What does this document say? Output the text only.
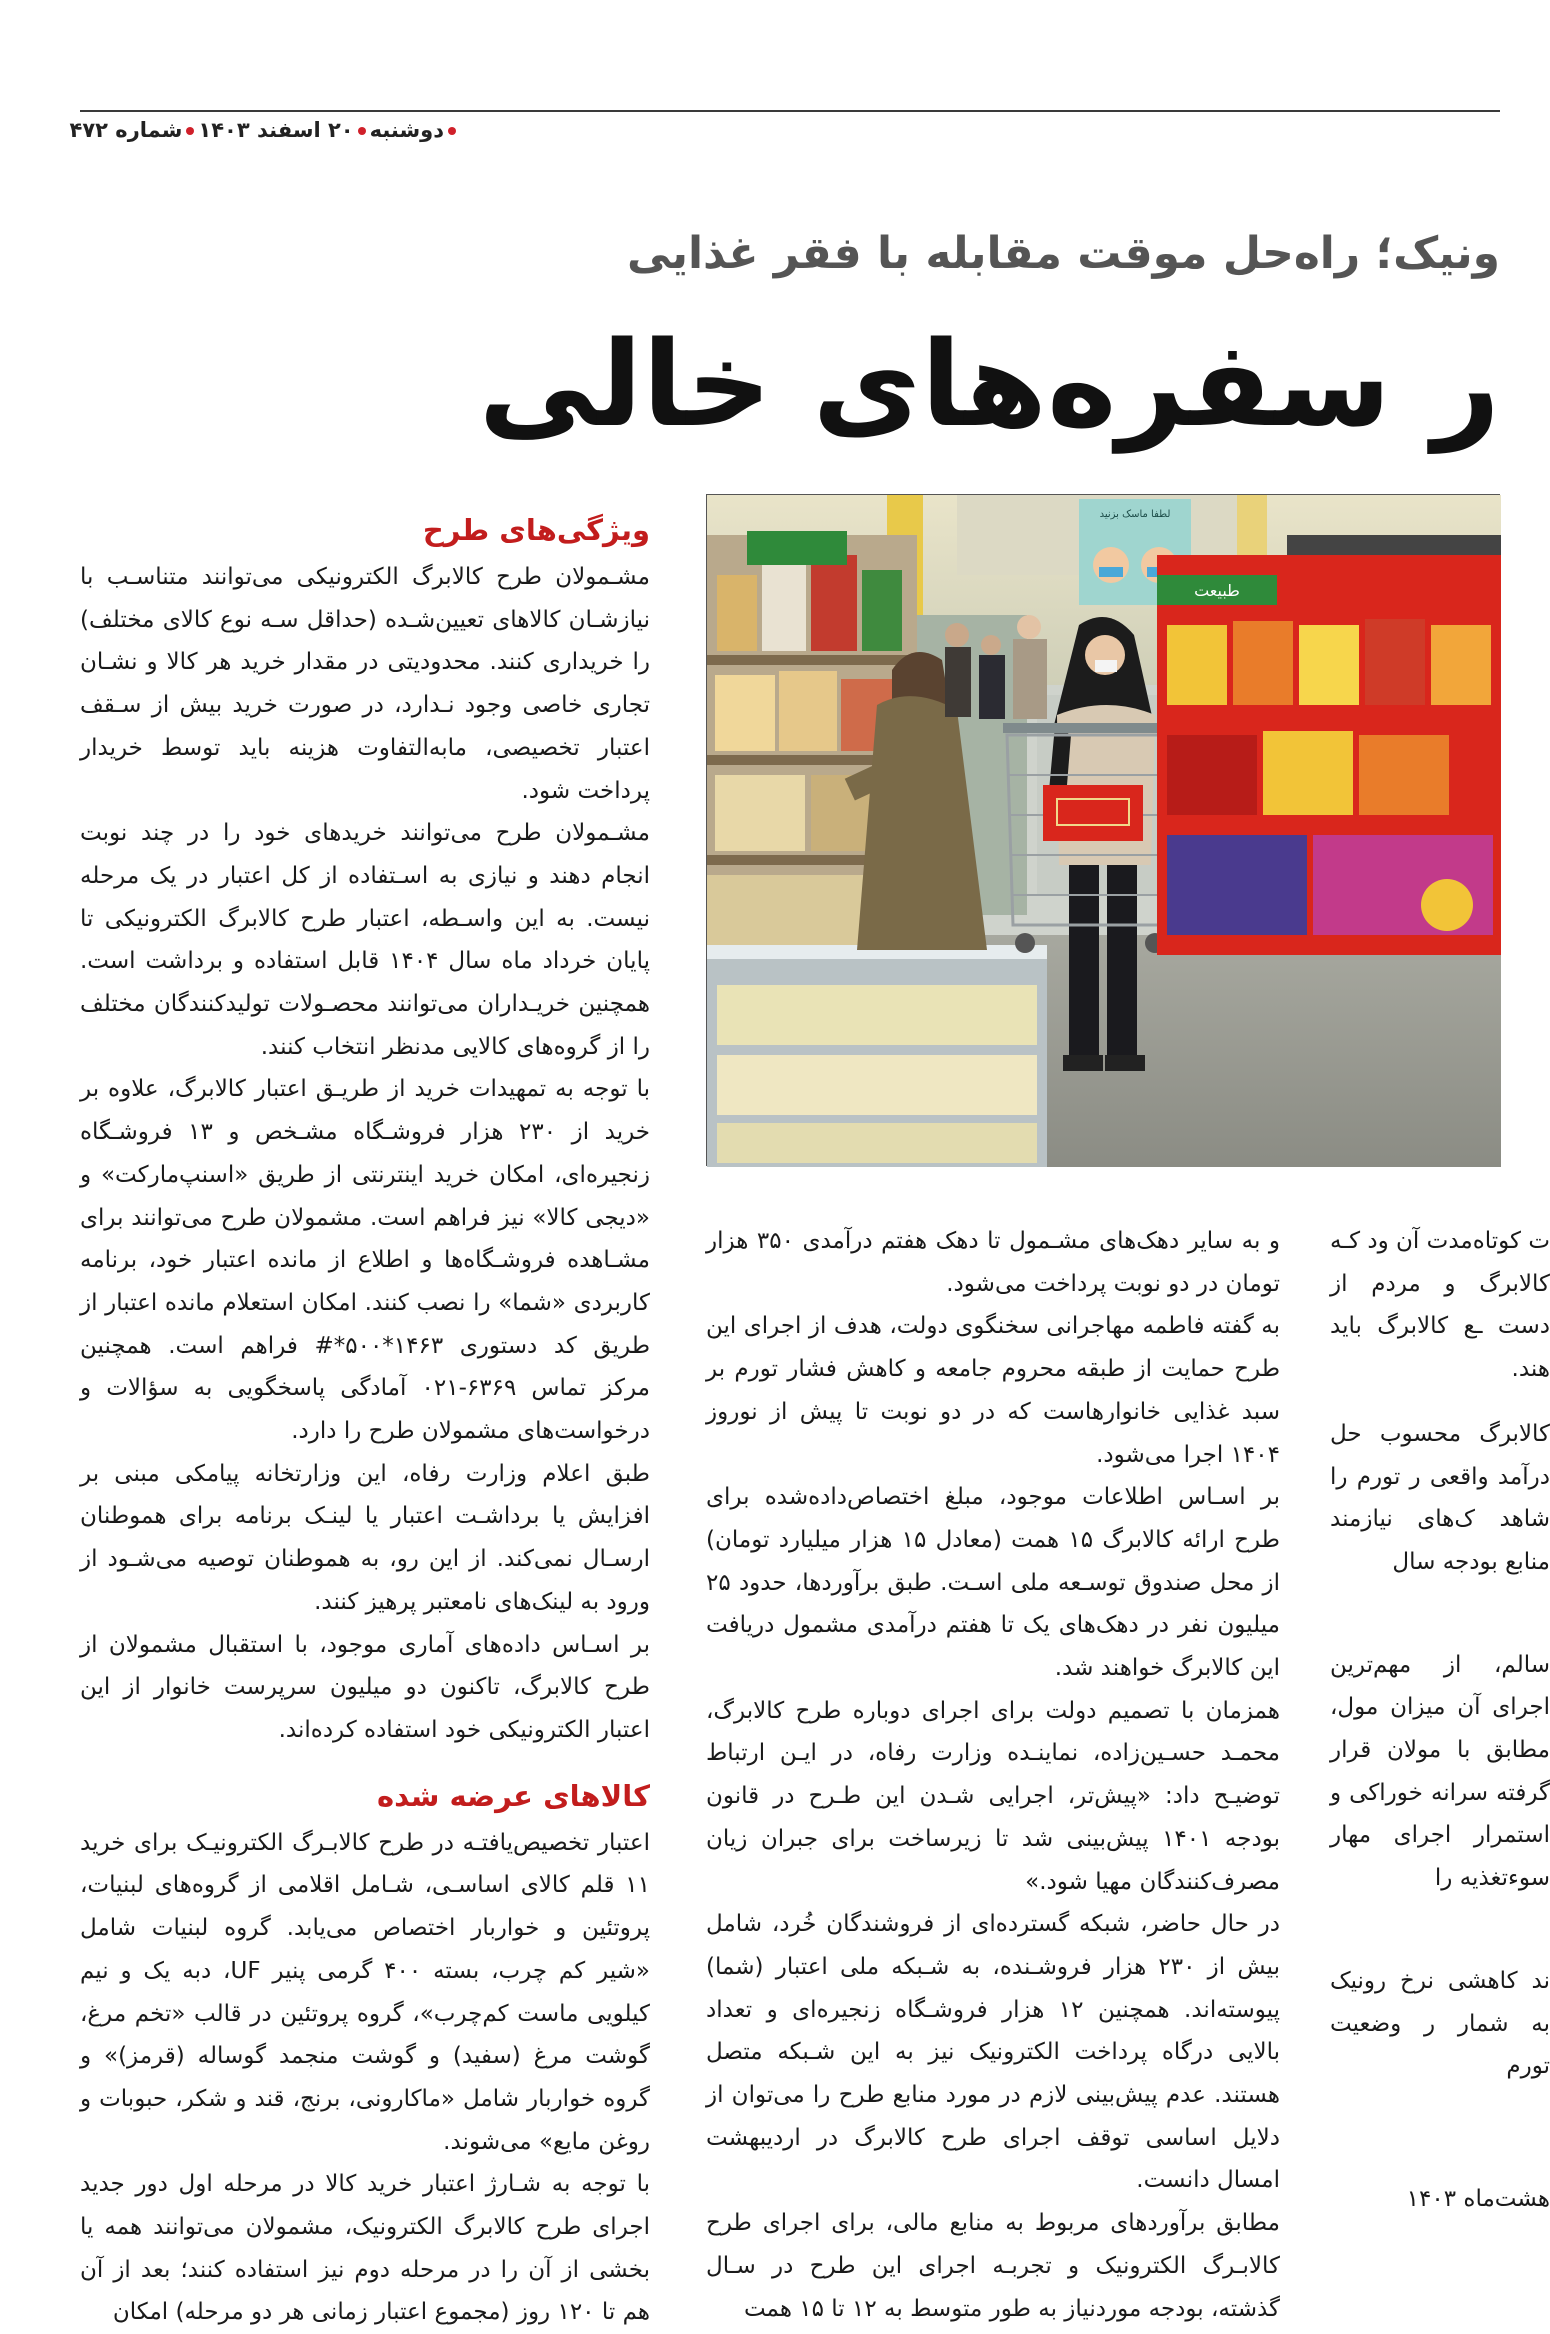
دوشنبه۲۰ اسفند ۱۴۰۳شماره ۴۷۲
ونیک؛ راه‌حل موقت مقابله با فقر غذایی
ر سفره‌های خالی
لطفا ماسک بزنید
طبیعت
ویژگی‌های طرح

مشـمولان طرح کالابرگ الکترونیکی می‌توانند متناسـب با نیازشـان کالاهای تعیین‌شـده (حداقل سـه نوع کالای مختلف) را خریداری کنند. محدودیتی در مقدار خرید هر کالا و نشـان تجاری خاصی وجود نـدارد، در صورت خرید بیش از سـقف اعتبار تخصیصی، مابه‌التفاوت هزینه باید توسط خریدار پرداخت شود.

مشـمولان طرح می‌توانند خریدهای خود را در چند نوبت انجام دهند و نیازی به اسـتفاده از کل اعتبار در یک مرحله نیست. به این واسـطه، اعتبار طرح کالابرگ الکترونیکی تا پایان خرداد ماه سال ۱۴۰۴ قابل استفاده و برداشت است. همچنین خریـداران می‌توانند محصـولات تولیدکنندگان مختلف را از گروه‌های کالایی مدنظر انتخاب کنند.

با توجه به تمهیدات خرید از طریـق اعتبار کالابرگ، علاوه بر خرید از ۲۳۰ هزار فروشـگاه مشـخص و ۱۳ فروشـگاه زنجیره‌ای، امکان خرید اینترنتی از طریق «اسنپ‌مارکت» و «دیجی کالا» نیز فراهم است. مشمولان طرح می‌توانند برای مشـاهده فروشـگاه‌ها و اطلاع از مانده اعتبار خود، برنامه کاربردی «شما» را نصب کنند. امکان استعلام مانده اعتبار از طریق کد دستوری ۱۴۶۳*۵۰۰*# فراهم است. همچنین مرکز تماس ۶۳۶۹-۰۲۱ آمادگی پاسخگویی به سؤالات و درخواست‌های مشمولان طرح را دارد.

طبق اعلام وزارت رفاه، این وزارتخانه پیامکی مبنی بر افزایش یا برداشـت اعتبار یا لینـک برنامه برای هموطنان ارسـال نمی‌کند. از این رو، به هموطنان توصیه می‌شـود از ورود به لینک‌های نامعتبر پرهیز کنند.

بر اسـاس داده‌های آماری موجود، با استقبال مشمولان از طرح کالابرگ، تاکنون دو میلیون سرپرست خانوار از این اعتبار الکترونیکی خود استفاده کرده‌اند.

کالاهای عرضه شده

اعتبار تخصیص‌یافتـه در طرح کالابـرگ الکترونیـک برای خرید ۱۱ قلم کالای اساسـی، شـامل اقلامی از گروه‌های لبنیات، پروتئین و خواربار اختصاص می‌یابد. گروه لبنیات شامل «شیر کم چرب، بسته ۴۰۰ گرمی پنیر UF، دبه یک و نیم کیلویی ماست کم‌چرب»، گروه پروتئین در قالب «تخم مرغ، گوشت مرغ (سفید) و گوشت منجمد گوساله (قرمز)» و گروه خواربار شامل «ماکارونی، برنج، قند و شکر، حبوبات و روغن مایع» می‌شوند.

با توجه به شـارژ اعتبار خرید کالا در مرحله اول دور جدید اجرای طرح کالابرگ الکترونیک، مشمولان می‌توانند همه یا بخشی از آن را در مرحله دوم نیز استفاده کنند؛ بعد از آن هم تا ۱۲۰ روز (مجموع اعتبار زمانی هر دو مرحله) امکان

و به سایر دهک‌های مشـمول تا دهک هفتم درآمدی ۳۵۰ هزار تومان در دو نوبت پرداخت می‌شود.

به گفته فاطمه مهاجرانی سخنگوی دولت، هدف از اجرای این طرح حمایت از طبقه محروم جامعه و کاهش فشار تورم بر سبد غذایی خانوارهاست که در دو نوبت تا پیش از نوروز ۱۴۰۴ اجرا می‌شود.

بر اسـاس اطلاعات موجود، مبلغ اختصاص‌داده‌شده برای طرح ارائه کالابرگ ۱۵ همت (معادل ۱۵ هزار میلیارد تومان) از محل صندوق توسـعه ملی اسـت. طبق برآوردها، حدود ۲۵ میلیون نفر در دهک‌های یک تا هفتم درآمدی مشمول دریافت این کالابرگ خواهند شد.

همزمان با تصمیم دولت برای اجرای دوباره طرح کالابرگ، محمـد حسـین‌زاده، نماینـده وزارت رفاه، در ایـن ارتباط توضیـح داد: «پیش‌تر، اجرایی شـدن این طـرح در قانون بودجه ۱۴۰۱ پیش‌بینی شد تا زیرساخت برای جبران زیان مصرف‌کنندگان مهیا شود.»

در حال حاضر، شبکه گسترده‌ای از فروشندگان خُرد، شامل بیش از ۲۳۰ هزار فروشـنده، به شـبکه ملی اعتبار (شما) پیوسته‌اند. همچنین ۱۲ هزار فروشـگاه زنجیره‌ای و تعداد بالایی درگاه پرداخت الکترونیک نیز به این شـبکه متصل هستند. عدم پیش‌بینی لازم در مورد منابع طرح را می‌توان از دلایل اساسی توقف اجرای طرح کالابرگ در اردیبهشت امسال دانست.

مطابق برآوردهای مربوط به منابع مالی، برای اجرای طرح کالابـرگ الکترونیک و تجربـه اجرای این طرح در سـال گذشته، بودجه موردنیاز به طور متوسط به ۱۲ تا ۱۵ همت

ت کوتاه‌مدت آن ود کـه کالابرگ و مردم از دست ـع کالابرگ باید هند.

کالابرگ محسوب حل درآمد واقعی ر تورم را شاهد ک‌های نیازمند منابع بودجه سال

سالم، از مهم‌ترین اجرای آن میزان مول، مطابق با مولان قرار گرفته سرانه خوراکی و استمرار اجرای مهار سوءتغذیه را

ند کاهشی نرخ رونیک به شمار ر وضعیت تورم

هشت‌ماه ۱۴۰۳
